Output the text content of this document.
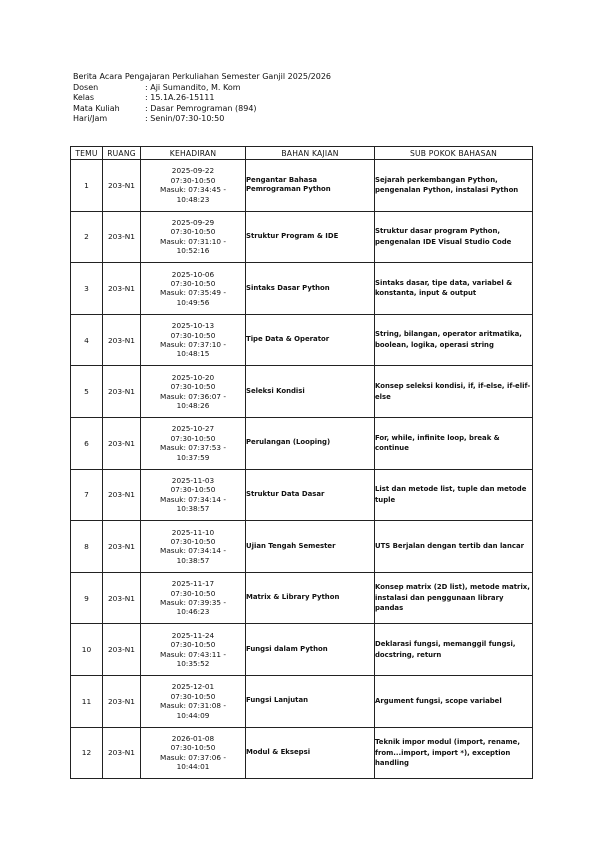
Berita Acara Pengajaran Perkuliahan Semester Ganjil 2025/2026
Dosen	: Aji Sumandito, M. Kom
Kelas	: 15.1A.26-15111
Mata Kuliah	: Dasar Pemrograman (894)
Hari/Jam	: Senin/07:30-10:50
TEMU	RUANG	KEHADIRAN	BAHAN KAJIAN	SUB POKOK BAHASAN
1	203-N1	2025-09-22
07:30-10:50
Masuk: 07:34:45 -
10:48:23	Pengantar Bahasa Pemrograman Python	Sejarah perkembangan Python, pengenalan Python, instalasi Python
2	203-N1	2025-09-29
07:30-10:50
Masuk: 07:31:10 -
10:52:16	Struktur Program & IDE	Struktur dasar program Python, pengenalan IDE Visual Studio Code
3	203-N1	2025-10-06
07:30-10:50
Masuk: 07:35:49 -
10:49:56	Sintaks Dasar Python	Sintaks dasar, tipe data, variabel & konstanta, input & output
4	203-N1	2025-10-13
07:30-10:50
Masuk: 07:37:10 -
10:48:15	Tipe Data & Operator	String, bilangan, operator aritmatika, boolean, logika, operasi string
5	203-N1	2025-10-20
07:30-10:50
Masuk: 07:36:07 -
10:48:26	Seleksi Kondisi	Konsep seleksi kondisi, if, if-else, if-elif-else
6	203-N1	2025-10-27
07:30-10:50
Masuk: 07:37:53 -
10:37:59	Perulangan (Looping)	For, while, infinite loop, break & continue
7	203-N1	2025-11-03
07:30-10:50
Masuk: 07:34:14 -
10:38:57	Struktur Data Dasar	List dan metode list, tuple dan metode tuple
8	203-N1	2025-11-10
07:30-10:50
Masuk: 07:34:14 -
10:38:57	Ujian Tengah Semester	UTS Berjalan dengan tertib dan lancar
9	203-N1	2025-11-17
07:30-10:50
Masuk: 07:39:35 -
10:46:23	Matrix & Library Python	Konsep matrix (2D list), metode matrix, instalasi dan penggunaan library pandas
10	203-N1	2025-11-24
07:30-10:50
Masuk: 07:43:11 -
10:35:52	Fungsi dalam Python	Deklarasi fungsi, memanggil fungsi, docstring, return
11	203-N1	2025-12-01
07:30-10:50
Masuk: 07:31:08 -
10:44:09	Fungsi Lanjutan	Argument fungsi, scope variabel
12	203-N1	2026-01-08
07:30-10:50
Masuk: 07:37:06 -
10:44:01	Modul & Eksepsi	Teknik impor modul (import, rename, from...import, import *), exception handling
